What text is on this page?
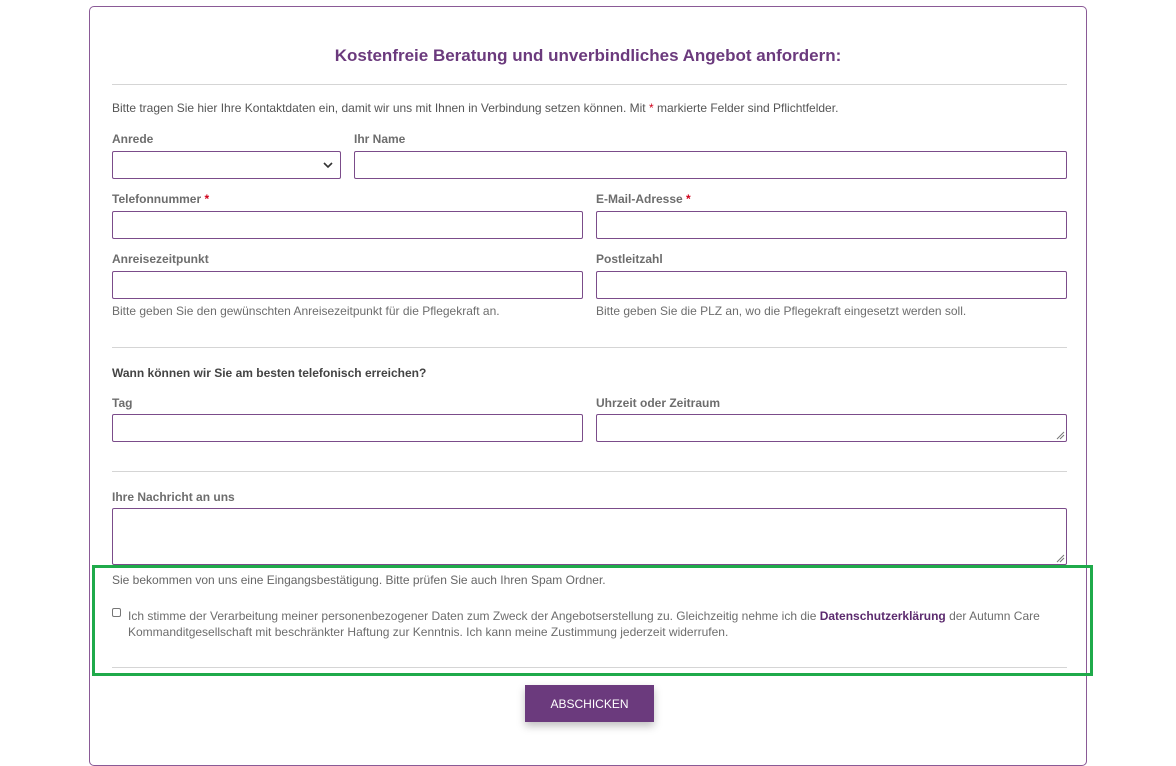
Kostenfreie Beratung und unverbindliches Angebot anfordern:
Bitte tragen Sie hier Ihre Kontaktdaten ein, damit wir uns mit Ihnen in Verbindung setzen können. Mit * markierte Felder sind Pflichtfelder.
Anrede	Ihr Name
Telefonnummer *	E-Mail-Adresse *
Anreisezeitpunkt
Bitte geben Sie den gewünschten Anreisezeitpunkt für die Pflegekraft an.
Postleitzahl
Bitte geben Sie die PLZ an, wo die Pflegekraft eingesetzt werden soll.
Wann können wir Sie am besten telefonisch erreichen?
Tag	Uhrzeit oder Zeitraum
Ihre Nachricht an uns
Sie bekommen von uns eine Eingangsbestätigung. Bitte prüfen Sie auch Ihren Spam Ordner.
Ich stimme der Verarbeitung meiner personenbezogener Daten zum Zweck der Angebotserstellung zu. Gleichzeitig nehme ich die Datenschutzerklärung der Autumn Care Kommanditgesellschaft mit beschränkter Haftung zur Kenntnis. Ich kann meine Zustimmung jederzeit widerrufen.
ABSCHICKEN
